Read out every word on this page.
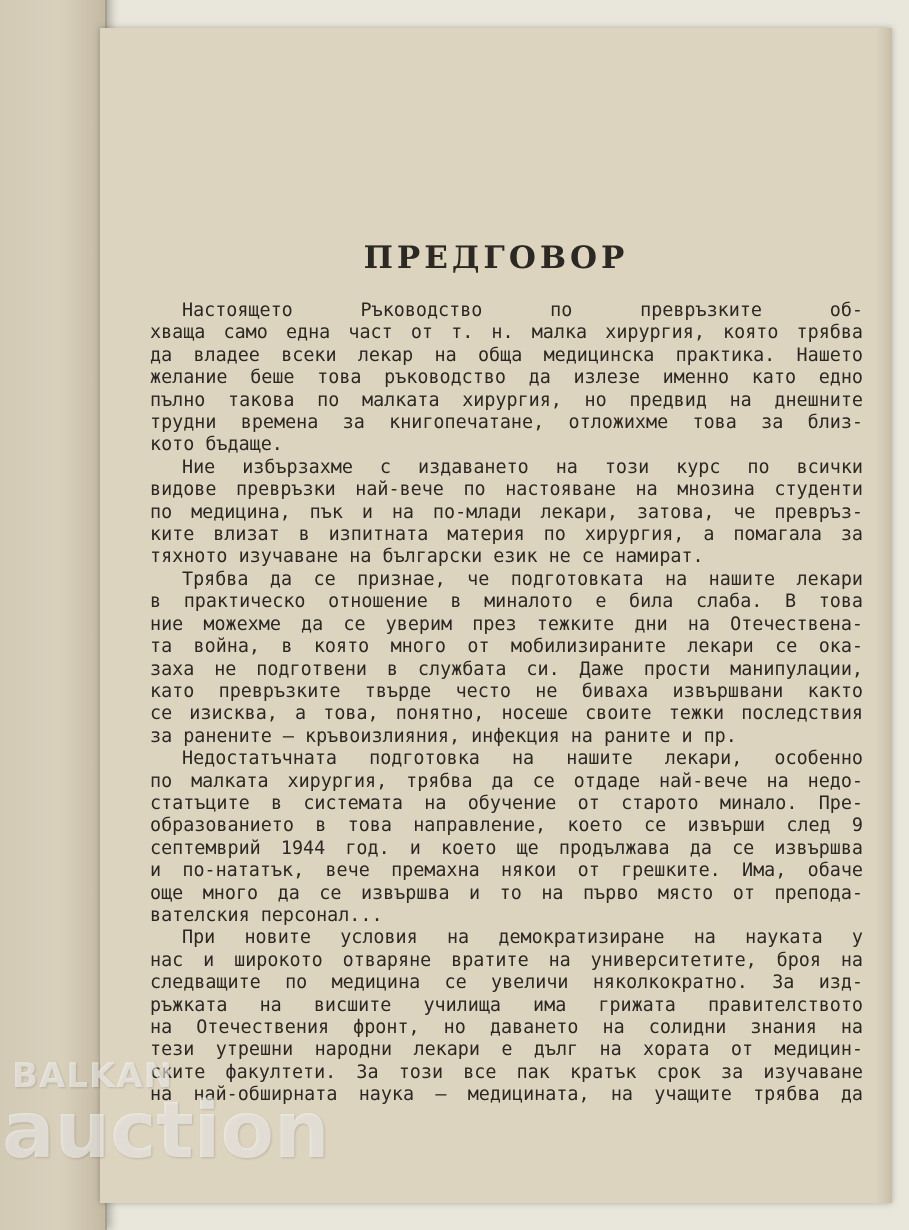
ПРЕДГОВОР
Настоящето Ръководство по превръзките об-
хваща само една част от т. н. малка хирургия, която трябва
да владее всеки лекар на обща медицинска практика. Нашето
желание беше това ръководство да излезе именно като едно
пълно такова по малката хирургия, но предвид на днешните
трудни времена за книгопечатане, отложихме това за близ-
кото бъдаще.
Ние избързахме с издаването на този курс по всички
видове превръзки най-вече по настояване на мнозина студенти
по медицина, пък и на по-млади лекари, затова, че превръз-
ките влизат в изпитната материя по хирургия, а помагала за
тяхното изучаване на български език не се намират.
Трябва да се признае, че подготовката на нашите лекари
в практическо отношение в миналото е била слаба. В това
ние можехме да се уверим през тежките дни на Отечествена-
та война, в която много от мобилизираните лекари се ока-
заха не подготвени в службата си. Даже прости манипулации,
като превръзките твърде често не биваха извършвани както
се изисква, а това, понятно, носеше своите тежки последствия
за ранените — кръвоизлияния, инфекция на раните и пр.
Недостатъчната подготовка на нашите лекари, особенно
по малката хирургия, трябва да се отдаде най-вече на недо-
статъците в системата на обучение от старото минало. Пре-
образованието в това направление, което се извърши след 9
септемврий 1944 год. и което ще продължава да се извършва
и по-нататък, вече премахна някои от грешките. Има, обаче
още много да се извършва и то на първо място от препода-
вателския персонал...
При новите условия на демократизиране на науката у
нас и широкото отваряне вратите на университетите, броя на
следващите по медицина се увеличи няколкократно. За изд-
ръжката на висшите училища има грижата правителството
на Отечествения фронт, но даването на солидни знания на
тези утрешни народни лекари е дълг на хората от медицин-
ските факултети. За този все пак кратък срок за изучаване
на най-обширната наука — медицината, на учащите трябва да
BALKAN
auction
